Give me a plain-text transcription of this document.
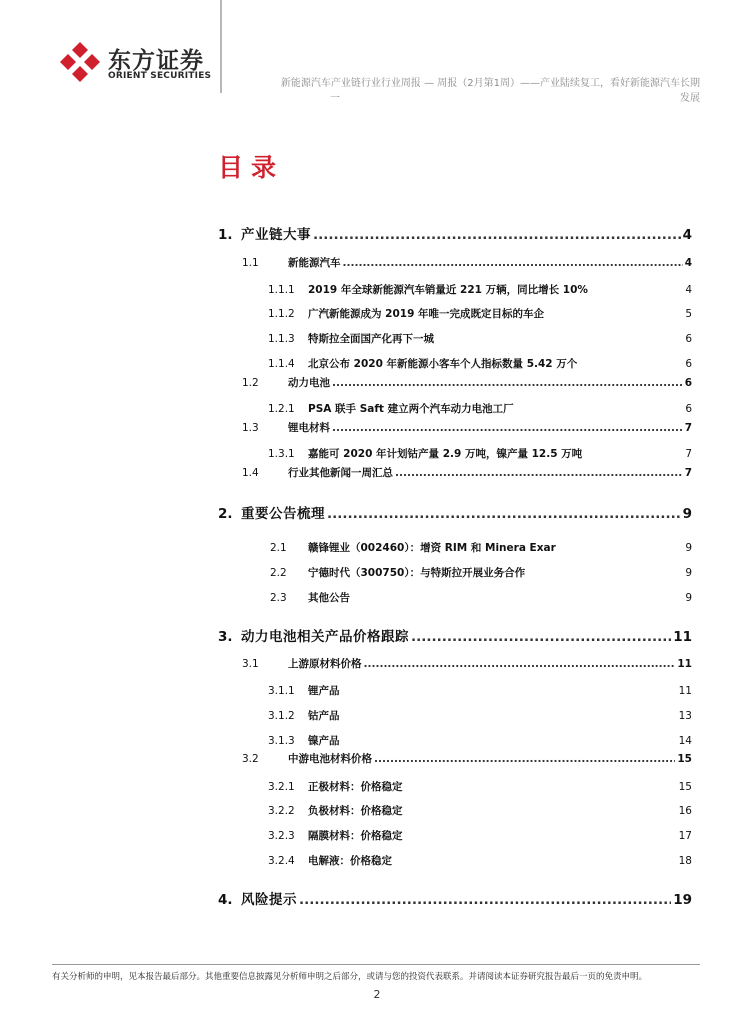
东方证券
ORIENT SECURITIES
新能源汽车产业链行业行业周报 — 周报（2月第1周）——产业陆续复工，看好新能源汽车长期
一　　　　　　　　　　　　　　　　　　　　　　　　　　　　　　　　　　发展
目录
1. 产业链大事 .....	4
1.1	新能源汽车 .....	4
1.1.1	2019 年全球新能源汽车销量近 221 万辆，同比增长 10%	4
1.1.2	广汽新能源成为 2019 年唯一完成既定目标的车企	5
1.1.3	特斯拉全面国产化再下一城	6
1.1.4	北京公布 2020 年新能源小客车个人指标数量 5.42 万个	6
1.2	动力电池 .....	6
1.2.1	PSA 联手 Saft 建立两个汽车动力电池工厂	6
1.3	锂电材料 .....	7
1.3.1	嘉能可 2020 年计划钴产量 2.9 万吨，镍产量 12.5 万吨	7
1.4	行业其他新闻一周汇总 .....	7
2. 重要公告梳理 .....	9
2.1	赣锋锂业（002460）：增资 RIM 和 Minera Exar	9
2.2	宁德时代（300750）：与特斯拉开展业务合作	9
2.3	其他公告	9
3. 动力电池相关产品价格跟踪 .....	11
3.1	上游原材料价格 .....	11
3.1.1	锂产品	11
3.1.2	钴产品	13
3.1.3	镍产品	14
3.2	中游电池材料价格 .....	15
3.2.1	正极材料：价格稳定	15
3.2.2	负极材料：价格稳定	16
3.2.3	隔膜材料：价格稳定	17
3.2.4	电解液：价格稳定	18
4. 风险提示 .....	19
有关分析师的申明，见本报告最后部分。其他重要信息披露见分析师申明之后部分，或请与您的投资代表联系。并请阅读本证券研究报告最后一页的免责申明。
2
